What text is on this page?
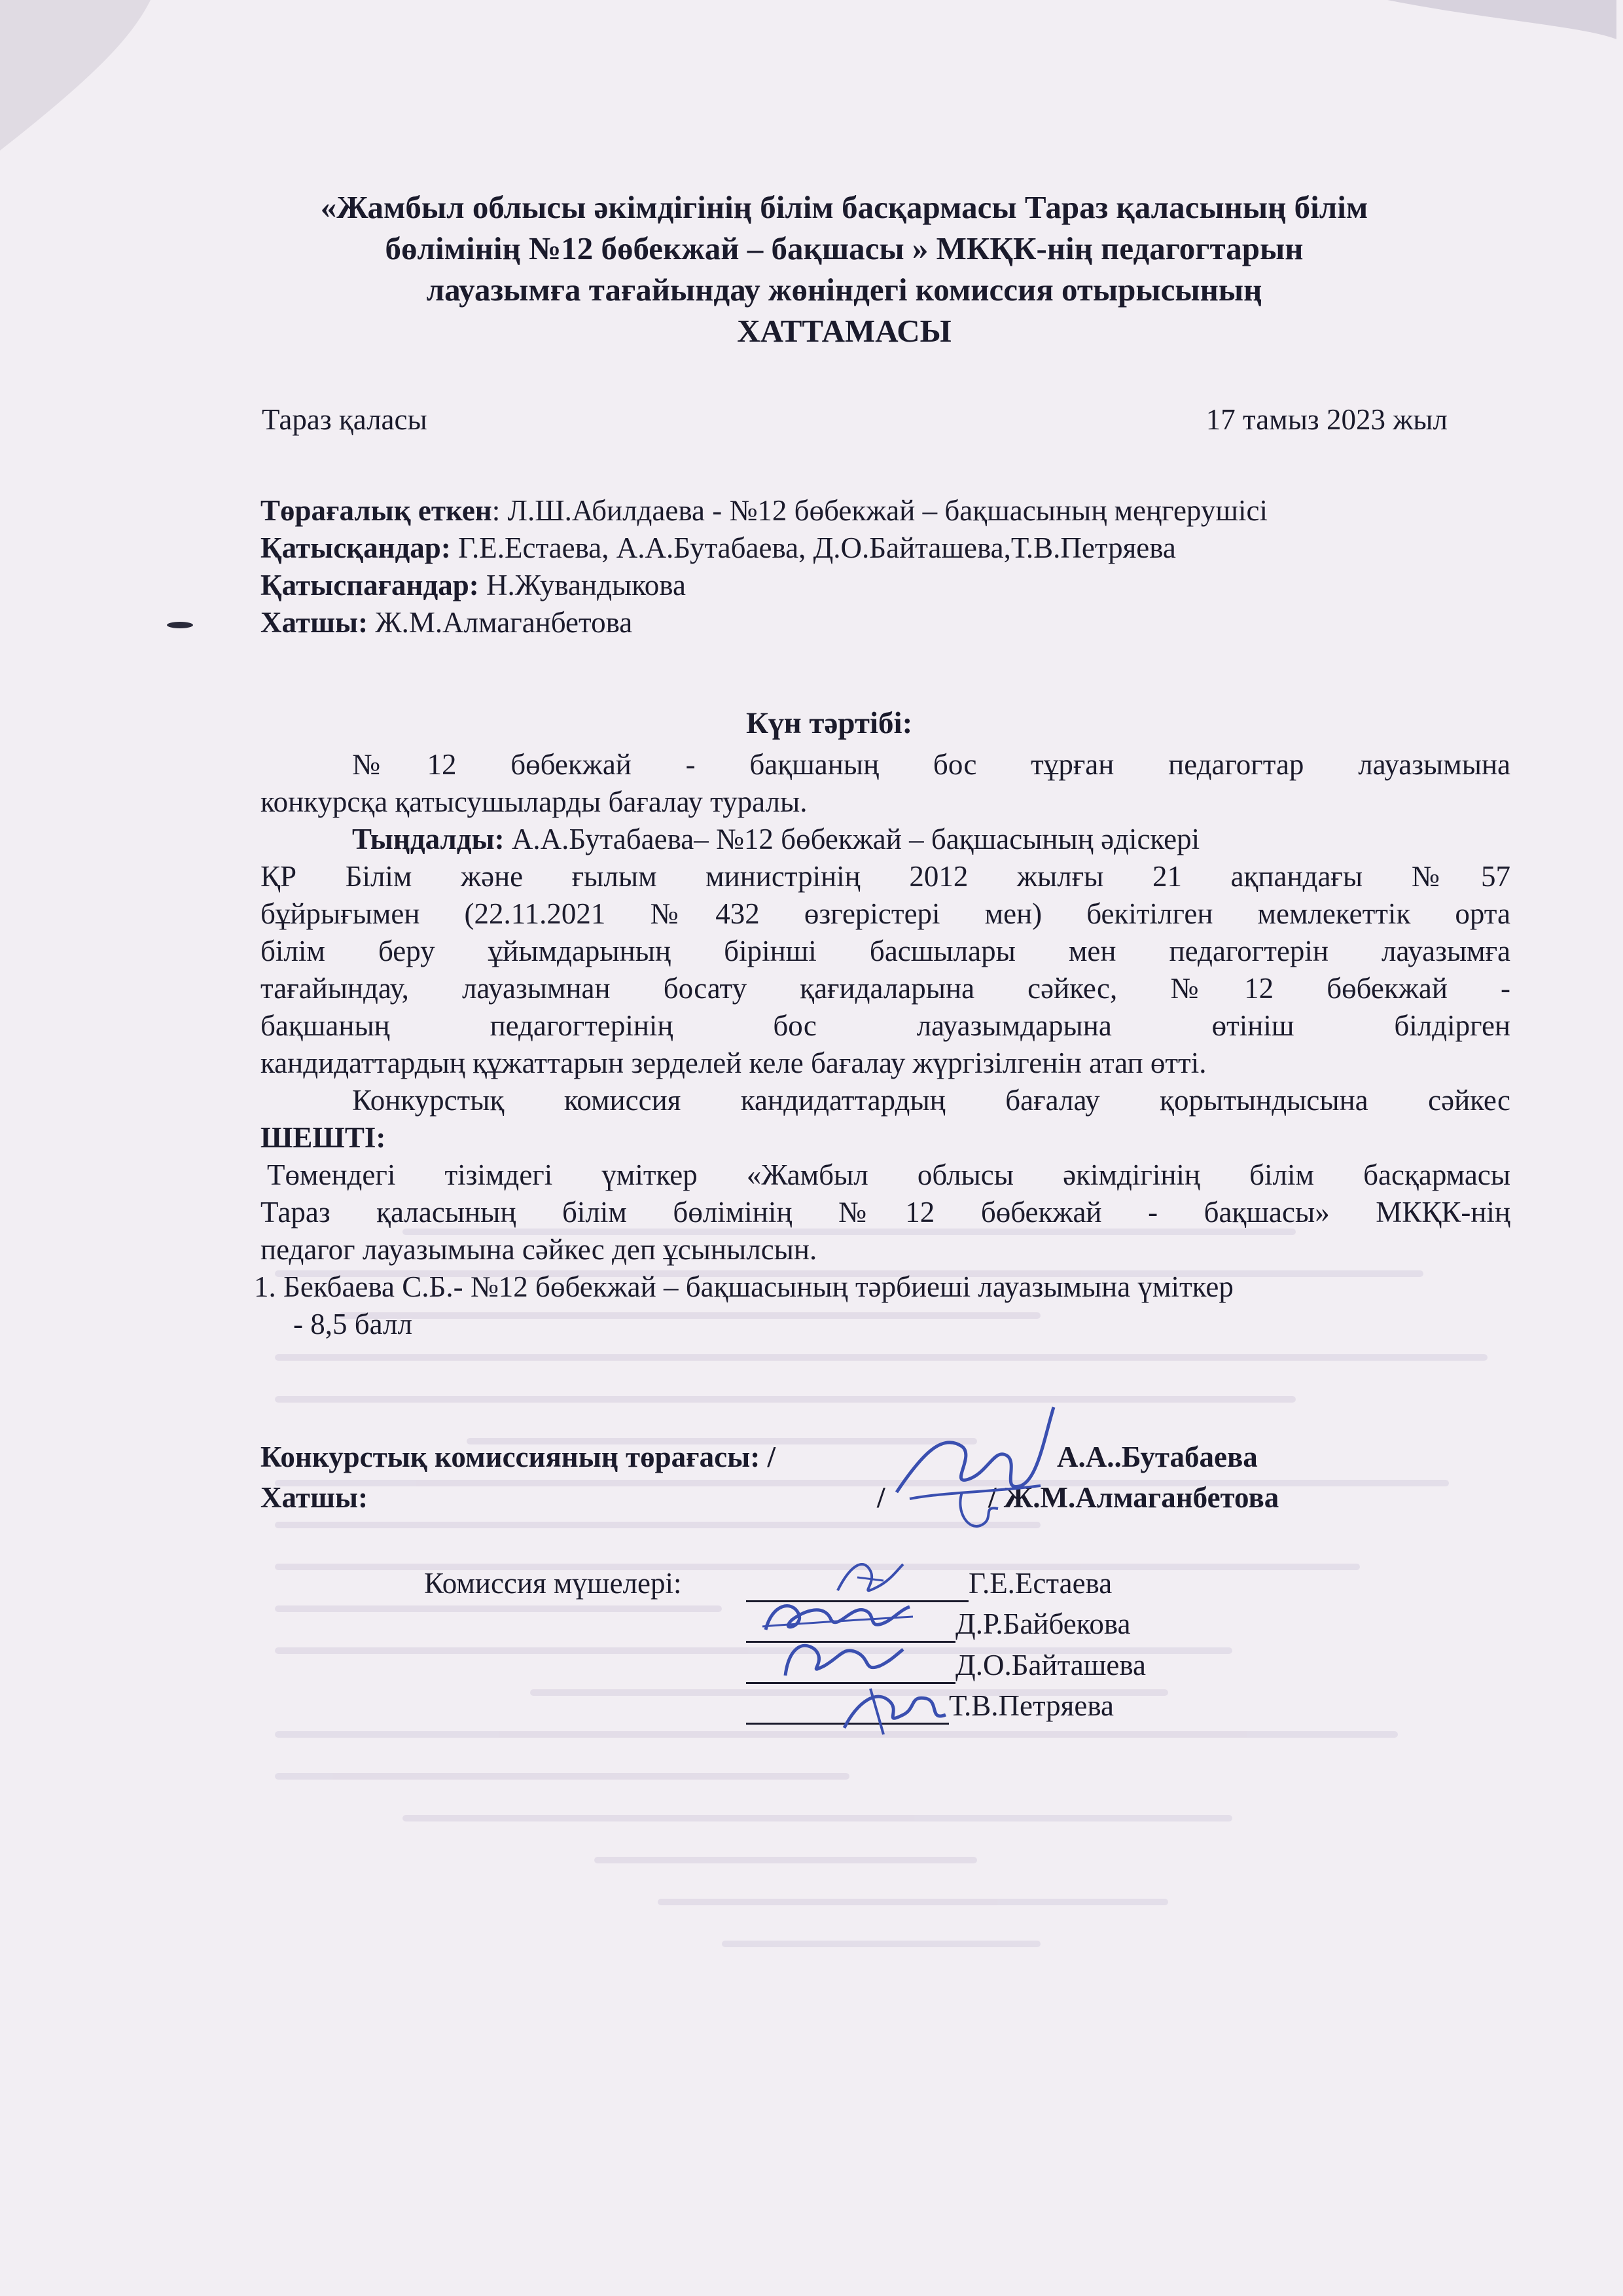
«Жамбыл облысы әкімдігінің білім басқармасы Тараз қаласының білім
бөлімінің №12 бөбекжай – бақшасы » МКҚК-нің педагогтарын
лауазымға тағайындау жөніндегі комиссия отырысының
ХАТТАМАСЫ
Тараз қаласы	17 тамыз 2023 жыл
Төрағалық еткен: Л.Ш.Абилдаева - №12 бөбекжай – бақшасының меңгерушісі
Қатысқандар: Г.Е.Естаева, А.А.Бутабаева, Д.О.Байташева,Т.В.Петряева
Қатыспағандар: Н.Жувандыкова
Хатшы: Ж.М.Алмаганбетова
Күн тәртібі:
№12 бөбекжай - бақшаның бос тұрған педагогтар лауазымына
конкурсқа қатысушыларды бағалау туралы.
Тыңдалды: А.А.Бутабаева– №12 бөбекжай – бақшасының әдіскері
ҚР Білім және ғылым министрінің 2012 жылғы 21 ақпандағы №57
бұйрығымен (22.11.2021 №432 өзгерістері мен) бекітілген мемлекеттік орта
білім беру ұйымдарының бірінші басшылары мен педагогтерін лауазымға
тағайындау, лауазымнан босату қағидаларына сәйкес, №12 бөбекжай -
бақшаның педагогтерінің бос лауазымдарына өтініш білдірген
кандидаттардың құжаттарын зерделей келе бағалау жүргізілгенін атап өтті.
Конкурстық комиссия кандидаттардың бағалау қорытындысына сәйкес
ШЕШТІ:
Төмендегі тізімдегі үміткер «Жамбыл облысы әкімдігінің білім басқармасы
Тараз қаласының білім бөлімінің №12 бөбекжай - бақшасы» МКҚК-нің
педагог лауазымына сәйкес деп ұсынылсын.
1. Бекбаева С.Б.- №12 бөбекжай – бақшасының тәрбиеші лауазымына үміткер
- 8,5 балл
Конкурстық комиссияның төрағасы: /	А.А..Бутабаева
Хатшы:	/	/ Ж.М.Алмаганбетова
Комиссия мүшелері:	Г.Е.Естаева
Д.Р.Байбекова
Д.О.Байташева
Т.В.Петряева
